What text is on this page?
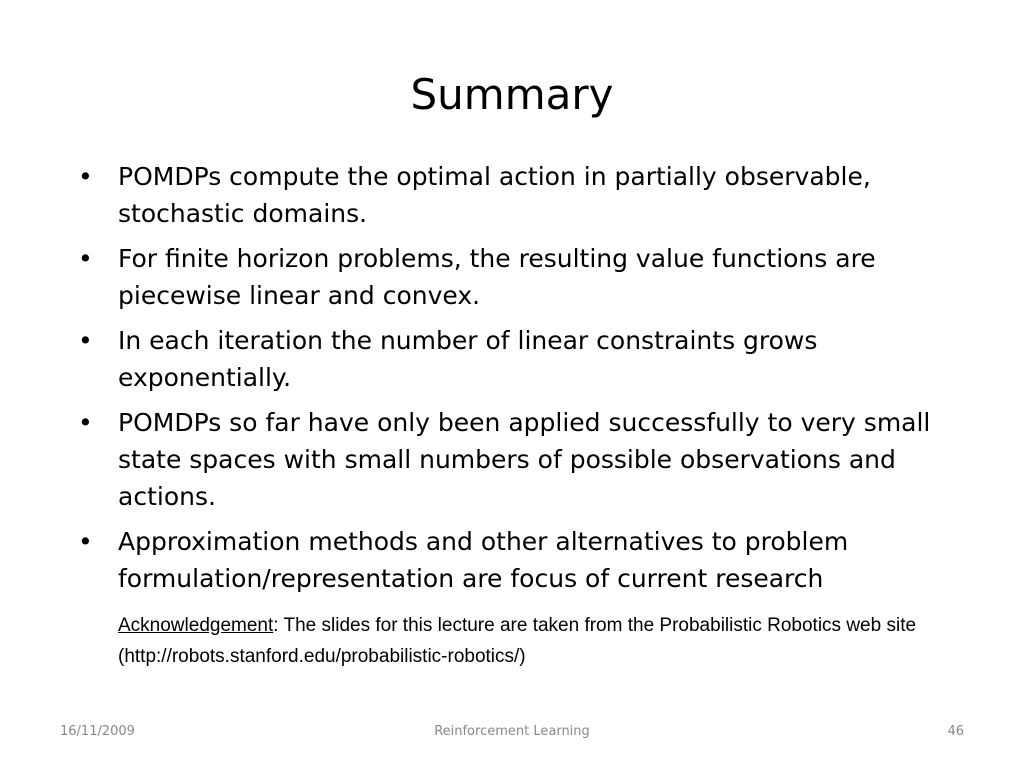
Summary
• POMDPs compute the optimal action in partially observable, stochastic domains.
• For finite horizon problems, the resulting value functions are piecewise linear and convex.
• In each iteration the number of linear constraints grows exponentially.
• POMDPs so far have only been applied successfully to very small state spaces with small numbers of possible observations and actions.
• Approximation methods and other alternatives to problem formulation/representation are focus of current research
Acknowledgement: The slides for this lecture are taken from the Probabilistic Robotics web site (http://robots.stanford.edu/probabilistic-robotics/)
16/11/2009	Reinforcement Learning	46
